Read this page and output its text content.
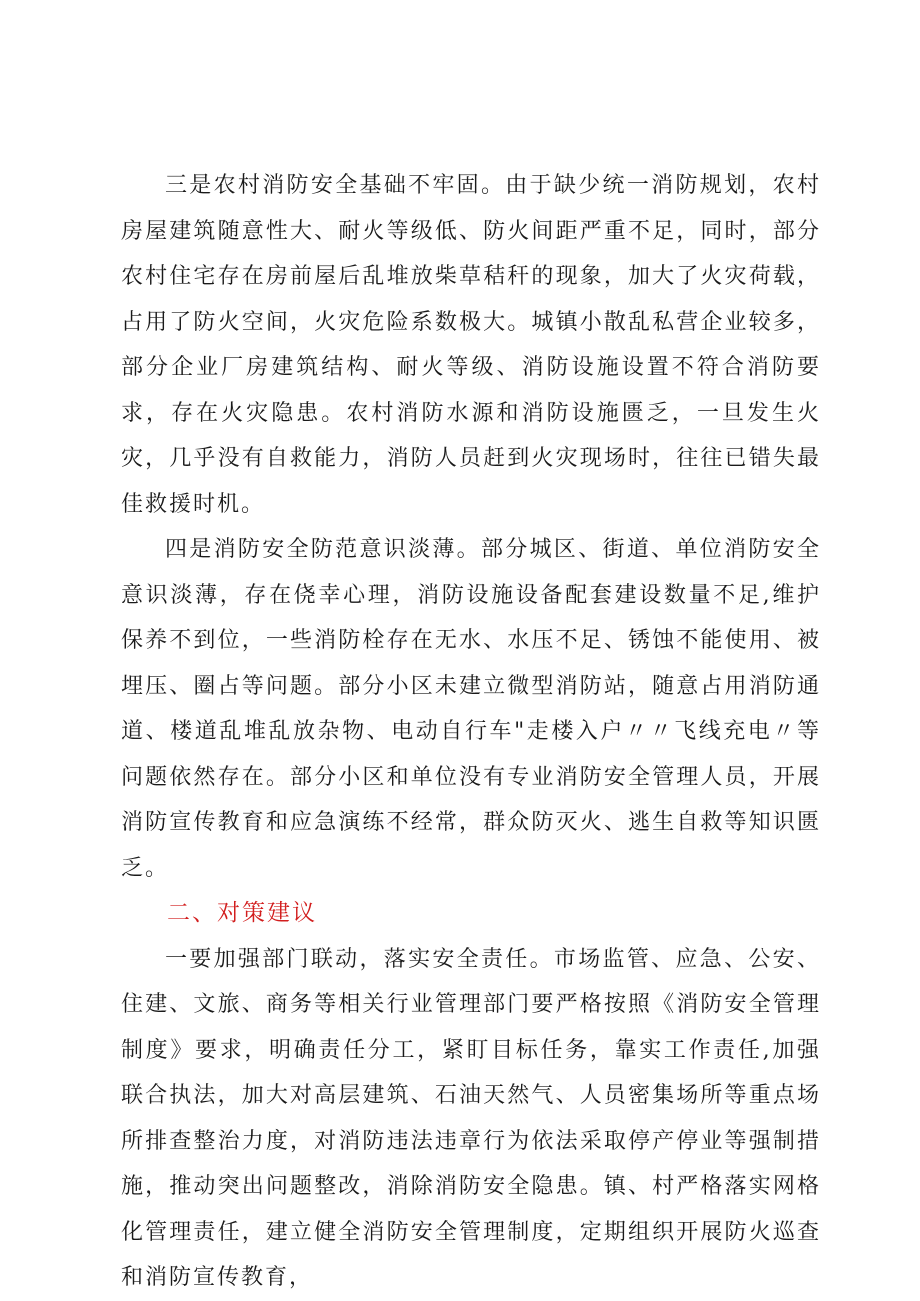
三是农村消防安全基础不牢固。由于缺少统一消防规划，农村房屋建筑随意性大、耐火等级低、防火间距严重不足，同时，部分农村住宅存在房前屋后乱堆放柴草秸秆的现象，加大了火灾荷载，占用了防火空间，火灾危险系数极大。城镇小散乱私营企业较多，部分企业厂房建筑结构、耐火等级、消防设施设置不符合消防要求，存在火灾隐患。农村消防水源和消防设施匮乏，一旦发生火灾，几乎没有自救能力，消防人员赶到火灾现场时，往往已错失最佳救援时机。

四是消防安全防范意识淡薄。部分城区、街道、单位消防安全意识淡薄，存在侥幸心理，消防设施设备配套建设数量不足,维护保养不到位，一些消防栓存在无水、水压不足、锈蚀不能使用、被埋压、圈占等问题。部分小区未建立微型消防站，随意占用消防通道、楼道乱堆乱放杂物、电动自行车"走楼入户〃〃飞线充电〃等问题依然存在。部分小区和单位没有专业消防安全管理人员，开展消防宣传教育和应急演练不经常，群众防灭火、逃生自救等知识匮乏。

二、对策建议

一要加强部门联动，落实安全责任。市场监管、应急、公安、住建、文旅、商务等相关行业管理部门要严格按照《消防安全管理制度》要求，明确责任分工，紧盯目标任务，靠实工作责任,加强联合执法，加大对高层建筑、石油天然气、人员密集场所等重点场所排查整治力度，对消防违法违章行为依法采取停产停业等强制措施，推动突出问题整改，消除消防安全隐患。镇、村严格落实网格化管理责任，建立健全消防安全管理制度，定期组织开展防火巡查和消防宣传教育，
